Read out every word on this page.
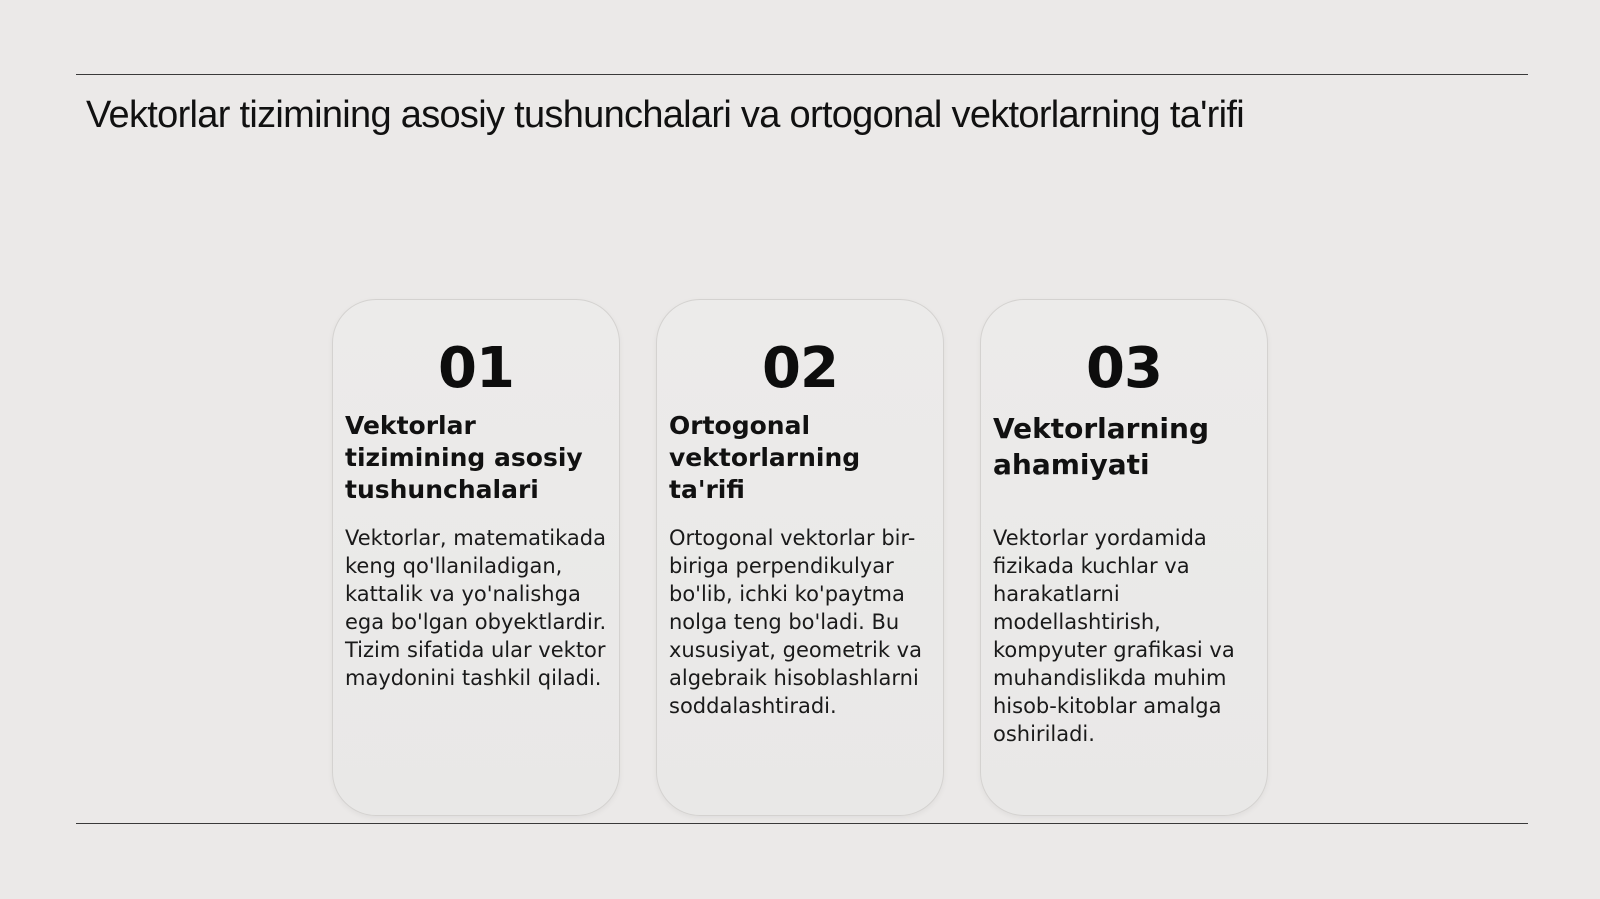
Vektorlar tizimining asosiy tushunchalari va ortogonal vektorlarning ta'rifi
01
Vektorlar tizimining asosiy tushunchalari
Vektorlar, matematikada keng qo'llaniladigan, kattalik va yo'nalishga ega bo'lgan obyektlardir. Tizim sifatida ular vektor maydonini tashkil qiladi.
02
Ortogonal vektorlarning ta'rifi
Ortogonal vektorlar bir-biriga perpendikulyar bo'lib, ichki ko'paytma nolga teng bo'ladi. Bu xususiyat, geometrik va algebraik hisoblashlarni soddalashtiradi.
03
Vektorlarning ahamiyati
Vektorlar yordamida fizikada kuchlar va harakatlarni modellashtirish, kompyuter grafikasi va muhandislikda muhim hisob-kitoblar amalga oshiriladi.
